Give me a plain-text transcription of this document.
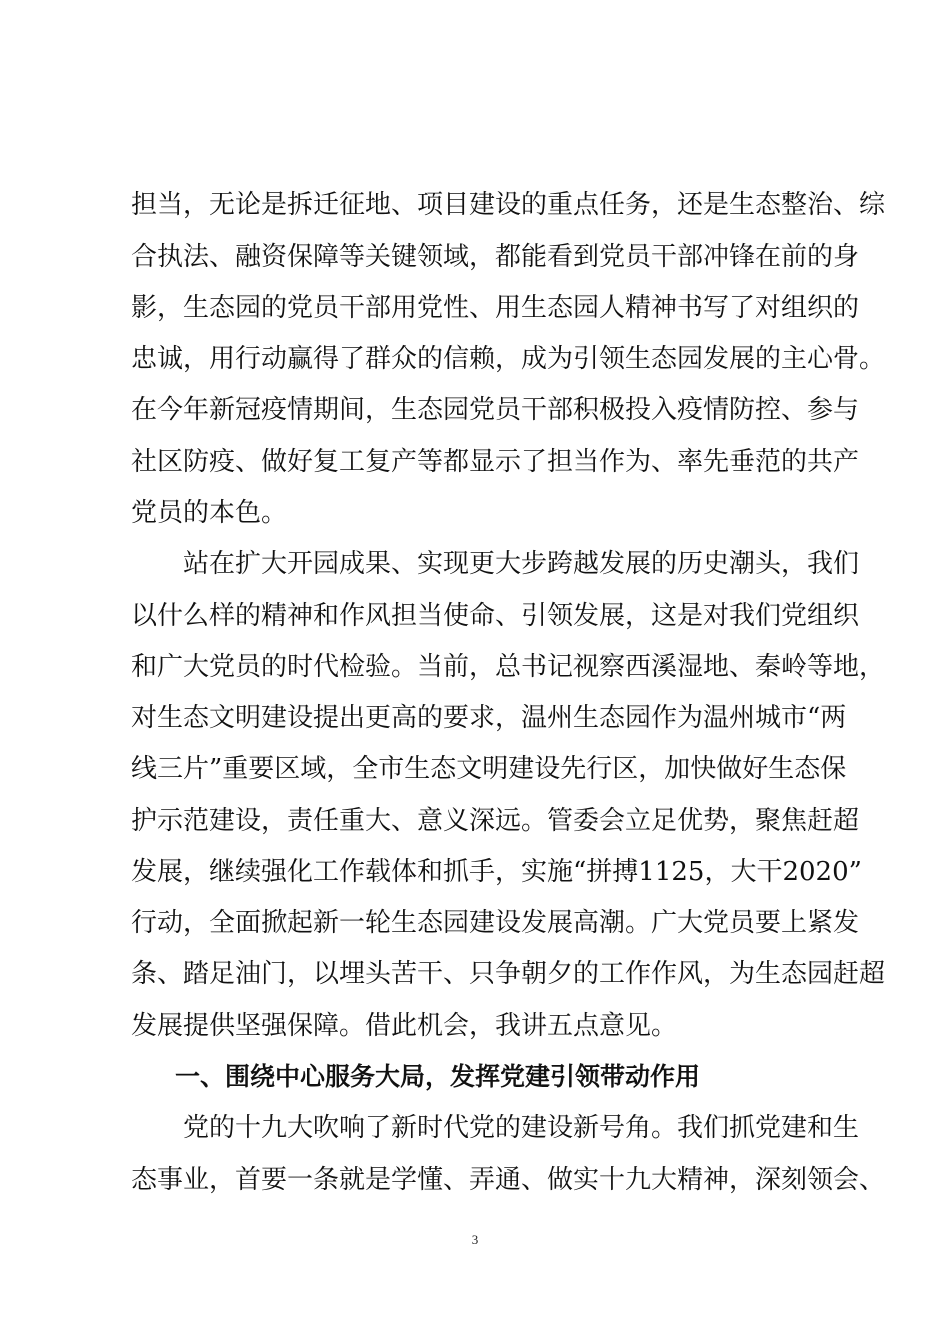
担当，无论是拆迁征地、项目建设的重点任务，还是生态整治、综
合执法、融资保障等关键领域，都能看到党员干部冲锋在前的身
影，生态园的党员干部用党性、用生态园人精神书写了对组织的
忠诚，用行动赢得了群众的信赖，成为引领生态园发展的主心骨。
在今年新冠疫情期间，生态园党员干部积极投入疫情防控、参与
社区防疫、做好复工复产等都显示了担当作为、率先垂范的共产
党员的本色。
站在扩大开园成果、实现更大步跨越发展的历史潮头，我们
以什么样的精神和作风担当使命、引领发展，这是对我们党组织
和广大党员的时代检验。当前，总书记视察西溪湿地、秦岭等地，
对生态文明建设提出更高的要求，温州生态园作为温州城市“两
线三片”重要区域，全市生态文明建设先行区，加快做好生态保
护示范建设，责任重大、意义深远。管委会立足优势，聚焦赶超
发展，继续强化工作载体和抓手，实施“拼搏1125，大干2020”
行动，全面掀起新一轮生态园建设发展高潮。广大党员要上紧发
条、踏足油门，以埋头苦干、只争朝夕的工作作风，为生态园赶超
发展提供坚强保障。借此机会，我讲五点意见。
一、围绕中心服务大局，发挥党建引领带动作用
党的十九大吹响了新时代党的建设新号角。我们抓党建和生
态事业，首要一条就是学懂、弄通、做实十九大精神，深刻领会、
3
